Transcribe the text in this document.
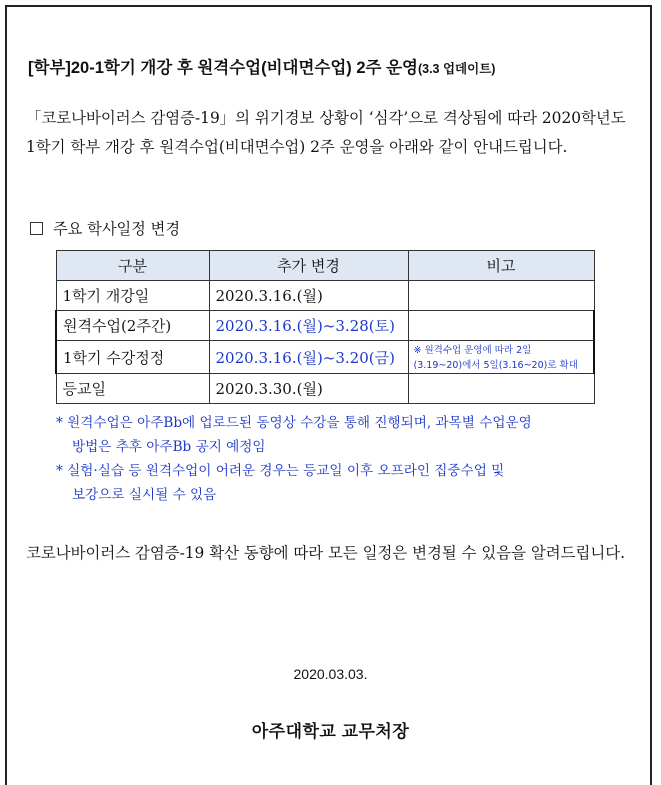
[학부]20-1학기 개강 후 원격수업(비대면수업) 2주 운영(3.3 업데이트)
「코로나바이러스 감염증-19」의 위기경보 상황이 ‘심각’으로 격상됨에 따라 2020학년도 1학기 학부 개강 후 원격수업(비대면수업) 2주 운영을 아래와 같이 안내드립니다.
주요 학사일정 변경
구분	추가 변경	비고
1학기 개강일	2020.3.16.(월)	
원격수업(2주간)	2020.3.16.(월)~3.28(토)	
1학기 수강정정	2020.3.16.(월)~3.20(금)	※ 원격수업 운영에 따라 2일
(3.19~20)에서 5일(3.16~20)로 확대

등교일	2020.3.30.(월)	
* 원격수업은 아주Bb에 업로드된 동영상 수강을 통해 진행되며, 과목별 수업운영
방법은 추후 아주Bb 공지 예정임
* 실험·실습 등 원격수업이 어려운 경우는 등교일 이후 오프라인 집중수업 및
보강으로 실시될 수 있음
코로나바이러스 감염증-19 확산 동향에 따라 모든 일정은 변경될 수 있음을 알려드립니다.
2020.03.03.
아주대학교 교무처장
